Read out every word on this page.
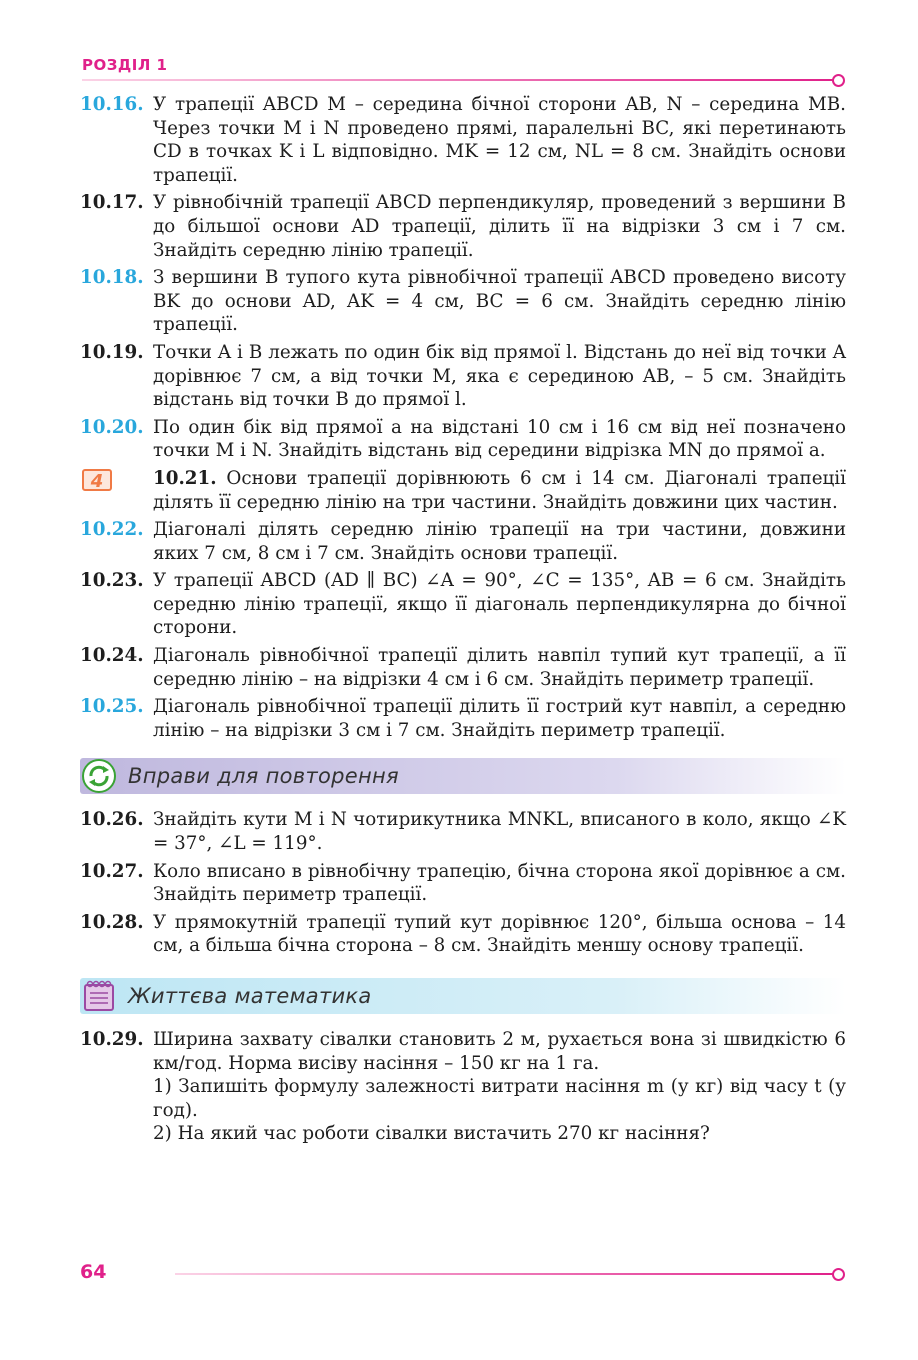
РОЗДІЛ 1
10.16. У трапеції ABCD M – середина бічної сторони AB, N – середина MB. Через точки M і N проведено прямі, паралельні BC, які перетинають CD в точках K і L відповідно. MK = 12 см, NL = 8 см. Знайдіть основи трапеції.
10.17. У рівнобічній трапеції ABCD перпендикуляр, проведений з вершини B до більшої основи AD трапеції, ділить її на відрізки 3 см і 7 см. Знайдіть середню лінію трапеції.
10.18. З вершини B тупого кута рівнобічної трапеції ABCD проведено висоту BK до основи AD, AK = 4 см, BC = 6 см. Знайдіть середню лінію трапеції.
10.19. Точки A і B лежать по один бік від прямої l. Відстань до неї від точки A дорівнює 7 см, а від точки M, яка є серединою AB, – 5 см. Знайдіть відстань від точки B до прямої l.
10.20. По один бік від прямої a на відстані 10 см і 16 см від неї позначено точки M і N. Знайдіть відстань від середини відрізка MN до прямої a.
4	10.21. Основи трапеції дорівнюють 6 см і 14 см. Діагоналі трапеції ділять її середню лінію на три частини. Знайдіть довжини цих частин.
10.22. Діагоналі ділять середню лінію трапеції на три частини, довжини яких 7 см, 8 см і 7 см. Знайдіть основи трапеції.
10.23. У трапеції ABCD (AD ∥ BC) ∠A = 90°, ∠C = 135°, AB = 6 см. Знайдіть середню лінію трапеції, якщо її діагональ перпендикулярна до бічної сторони.
10.24. Діагональ рівнобічної трапеції ділить навпіл тупий кут трапеції, а її середню лінію – на відрізки 4 см і 6 см. Знайдіть периметр трапеції.
10.25. Діагональ рівнобічної трапеції ділить її гострий кут навпіл, а середню лінію – на відрізки 3 см і 7 см. Знайдіть периметр трапеції.
Вправи для повторення
10.26. Знайдіть кути M і N чотирикутника MNKL, вписаного в коло, якщо ∠K = 37°, ∠L = 119°.
10.27. Коло вписано в рівнобічну трапецію, бічна сторона якої дорівнює a см. Знайдіть периметр трапеції.
10.28. У прямокутній трапеції тупий кут дорівнює 120°, більша основа – 14 см, а більша бічна сторона – 8 см. Знайдіть меншу основу трапеції.
Життєва математика
10.29. Ширина захвату сівалки становить 2 м, рухається вона зі швидкістю 6 км/год. Норма висіву насіння – 150 кг на 1 га.
1) Запишіть формулу залежності витрати насіння m (у кг) від часу t (у год).
2) На який час роботи сівалки вистачить 270 кг насіння?
64
